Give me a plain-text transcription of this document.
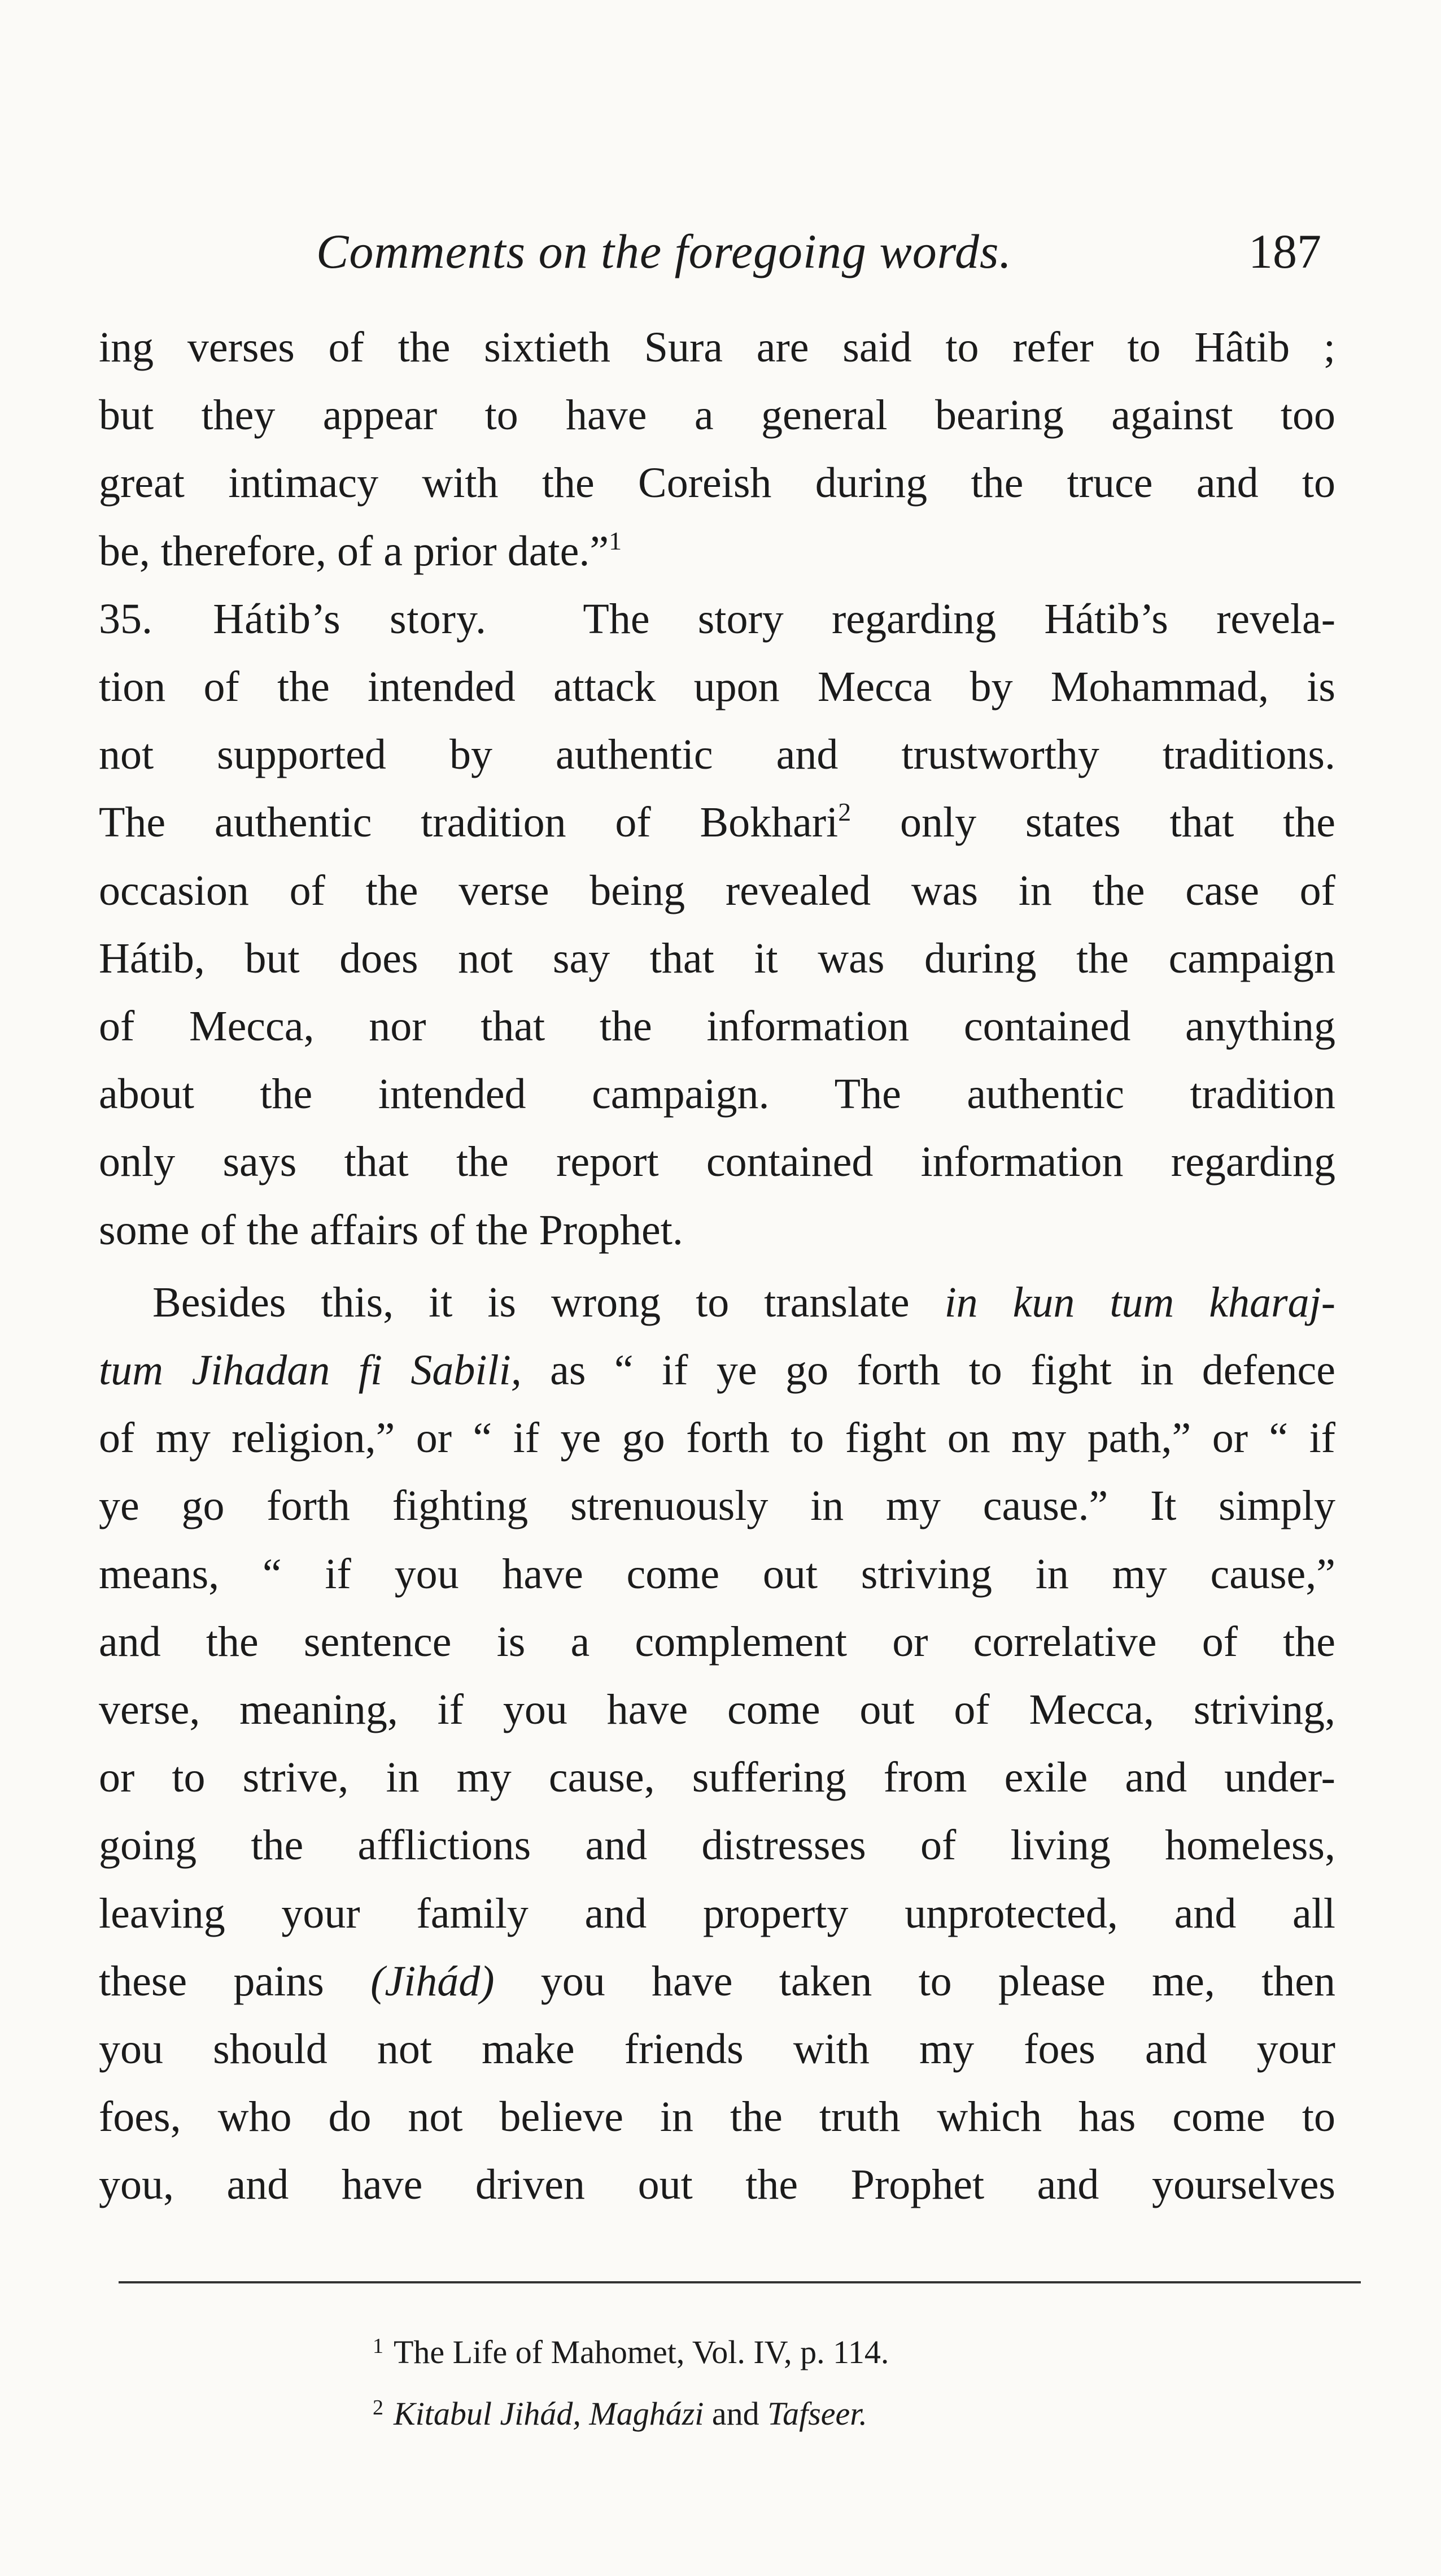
Comments on the foregoing words.	187

ing verses of the sixtieth Sura are said to refer to Hâtib ;
but they appear to have a general bearing against too
great intimacy with the Coreish during the truce and to
be, therefore, of a prior date.”$^1$

35. Hátib’s story. The story regarding Hátib’s revela-
tion of the intended attack upon Mecca by Mohammad, is
not supported by authentic and trustworthy traditions.
The authentic tradition of Bokhari$^2$ only states that the
occasion of the verse being revealed was in the case of
Hátib, but does not say that it was during the campaign
of Mecca, nor that the information contained anything
about the intended campaign. The authentic tradition
only says that the report contained information regarding
some of the affairs of the Prophet.

Besides this, it is wrong to translate in kun tum kharaj-
tum Jihadan fi Sabili, as “ if ye go forth to fight in defence
of my religion,” or “ if ye go forth to fight on my path,” or “ if
ye go forth fighting strenuously in my cause.” It simply
means, “ if you have come out striving in my cause,”
and the sentence is a complement or correlative of the
verse, meaning, if you have come out of Mecca, striving,
or to strive, in my cause, suffering from exile and under-
going the afflictions and distresses of living homeless,
leaving your family and property unprotected, and all
these pains (Jihád) you have taken to please me, then
you should not make friends with my foes and your
foes, who do not believe in the truth which has come to
you, and have driven out the Prophet and yourselves

$^1$ The Life of Mahomet, Vol. IV, p. 114.

$^2$ Kitabul Jihád, Magházi and Tafseer.
